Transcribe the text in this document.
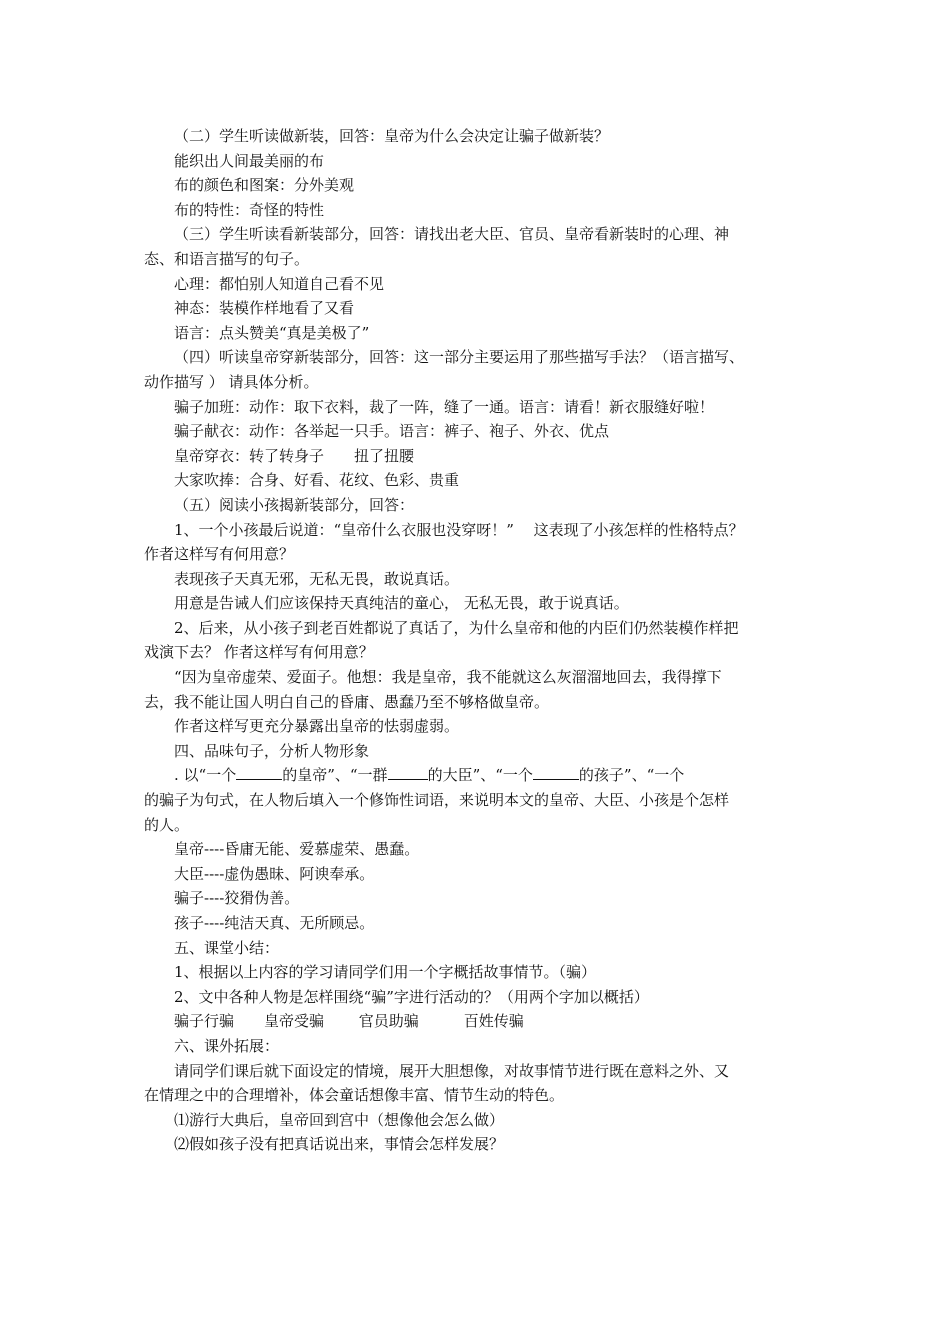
（二）学生听读做新装，回答：皇帝为什么会决定让骗子做新装？

能织出人间最美丽的布

布的颜色和图案：分外美观

布的特性：奇怪的特性

（三）学生听读看新装部分，回答：请找出老大臣、官员、皇帝看新装时的心理、神

态、和语言描写的句子。

心理：都怕别人知道自己看不见

神态：装模作样地看了又看

语言：点头赞美“真是美极了”

（四）听读皇帝穿新装部分，回答：这一部分主要运用了那些描写手法？（语言描写、

动作描写 ） 请具体分析。

骗子加班：动作：取下衣料，裁了一阵，缝了一通。语言：请看！新衣服缝好啦！

骗子献衣：动作：各举起一只手。语言：裤子、袍子、外衣、优点

皇帝穿衣：转了转身子　　扭了扭腰

大家吹捧：合身、好看、花纹、色彩、贵重

（五）阅读小孩揭新装部分，回答：

1、一个小孩最后说道：“皇帝什么衣服也没穿呀！”　 这表现了小孩怎样的性格特点？

作者这样写有何用意？

表现孩子天真无邪，无私无畏，敢说真话。

用意是告诫人们应该保持天真纯洁的童心， 无私无畏，敢于说真话。

2、后来，从小孩子到老百姓都说了真话了，为什么皇帝和他的内臣们仍然装模作样把

戏演下去？ 作者这样写有何用意？

“因为皇帝虚荣、爱面子。他想：我是皇帝，我不能就这么灰溜溜地回去，我得撑下

去，我不能让国人明白自己的昏庸、愚蠢乃至不够格做皇帝。

作者这样写更充分暴露出皇帝的怯弱虚弱。

四、品味句子，分析人物形象

. 以“一个	的皇帝”、“一群	的大臣”、“一个	的孩子”、“一个

的骗子为句式，在人物后填入一个修饰性词语，来说明本文的皇帝、大臣、小孩是个怎样

的人。

皇帝----昏庸无能、爱慕虚荣、愚蠢。

大臣----虚伪愚昧、阿谀奉承。

骗子----狡猾伪善。

孩子----纯洁天真、无所顾忌。

五、课堂小结：

1、根据以上内容的学习请同学们用一个字概括故事情节。（骗）

2、文中各种人物是怎样围绕“骗”字进行活动的？（用两个字加以概括）

骗子行骗　　皇帝受骗　　 官员助骗　　　百姓传骗

六、课外拓展：

请同学们课后就下面设定的情境，展开大胆想像，对故事情节进行既在意料之外、又

在情理之中的合理增补，体会童话想像丰富、情节生动的特色。

⑴游行大典后，皇帝回到宫中（想像他会怎么做）

⑵假如孩子没有把真话说出来，事情会怎样发展？
